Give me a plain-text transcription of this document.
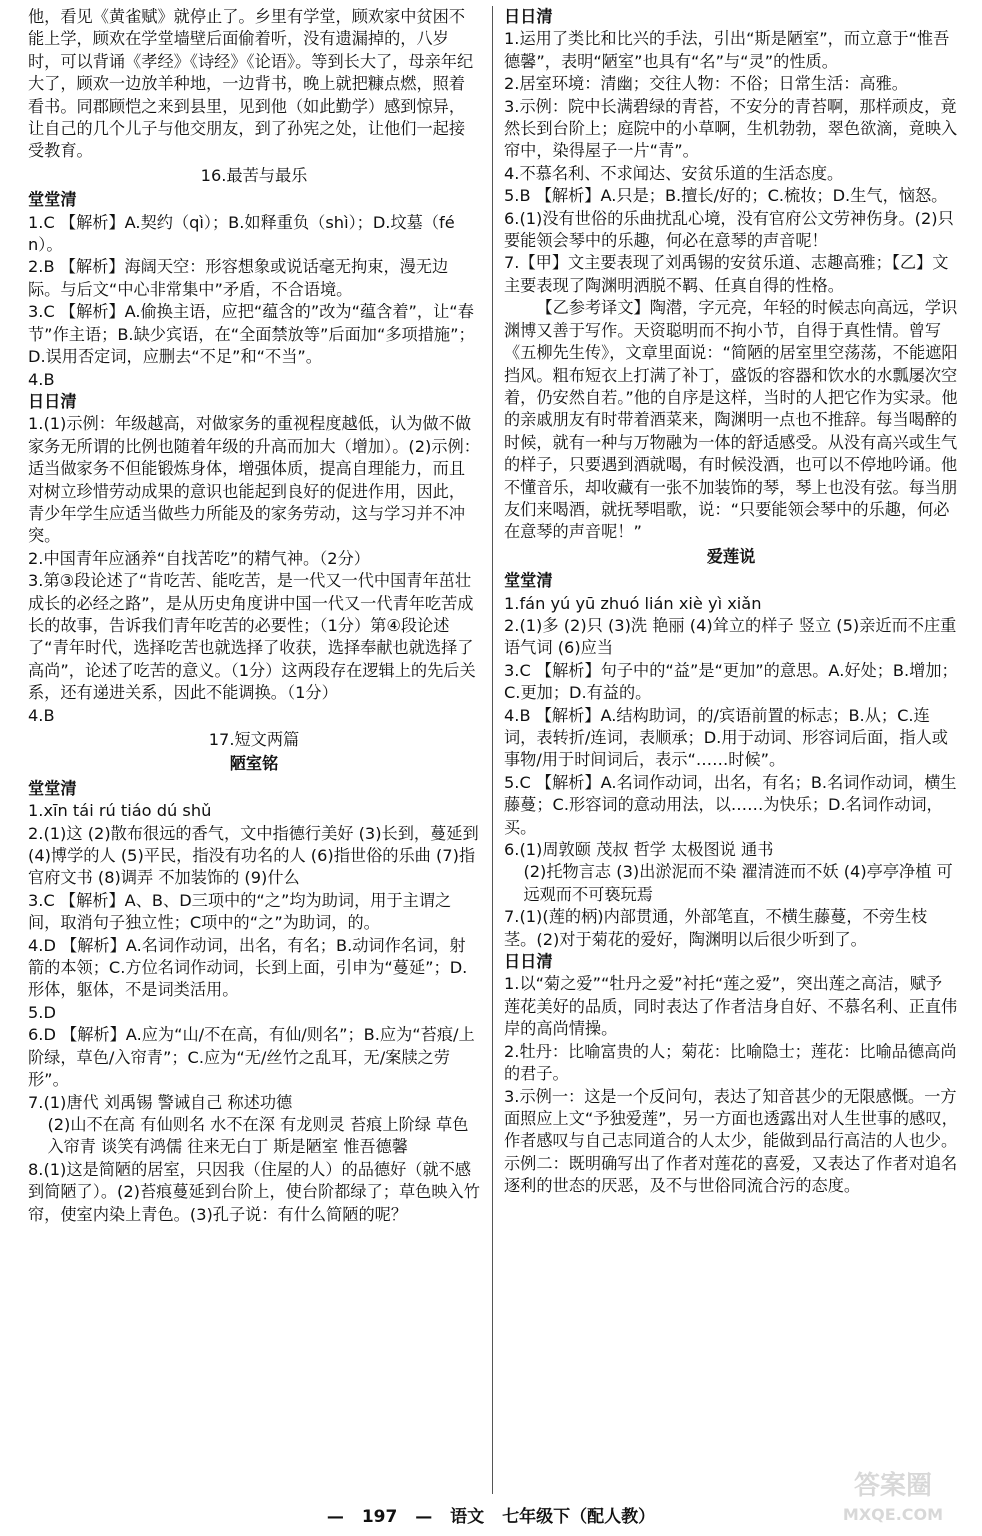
他，看见《黄雀赋》就停止了。乡里有学堂，顾欢家中贫困不能上学，顾欢在学堂墙壁后面偷着听，没有遗漏掉的，八岁时，可以背诵《孝经》《诗经》《论语》。等到长大了，母亲年纪大了，顾欢一边放羊种地，一边背书，晚上就把糠点燃，照着看书。同郡顾恺之来到县里，见到他（如此勤学）感到惊异，让自己的几个儿子与他交朋友，到了孙宪之处，让他们一起接受教育。

16.最苦与最乐

堂堂清

1.C 【解析】A.契约（qì）；B.如释重负（shì）；D.坟墓（fén）。

2.B 【解析】海阔天空：形容想象或说话毫无拘束，漫无边际。与后文“中心非常集中”矛盾，不合语境。

3.C 【解析】A.偷换主语，应把“蕴含的”改为“蕴含着”，让“春节”作主语；B.缺少宾语，在“全面禁放等”后面加“多项措施”；D.误用否定词，应删去“不足”和“不当”。

4.B

日日清

1.(1)示例：年级越高，对做家务的重视程度越低，认为做不做家务无所谓的比例也随着年级的升高而加大（增加）。(2)示例：适当做家务不但能锻炼身体，增强体质，提高自理能力，而且对树立珍惜劳动成果的意识也能起到良好的促进作用，因此，青少年学生应适当做些力所能及的家务劳动，这与学习并不冲突。

2.中国青年应涵养“自找苦吃”的精气神。（2分）

3.第③段论述了“肯吃苦、能吃苦，是一代又一代中国青年茁壮成长的必经之路”，是从历史角度讲中国一代又一代青年吃苦成长的故事，告诉我们青年吃苦的必要性；（1分）第④段论述了“青年时代，选择吃苦也就选择了收获，选择奉献也就选择了高尚”，论述了吃苦的意义。（1分）这两段存在逻辑上的先后关系，还有递进关系，因此不能调换。（1分）

4.B

17.短文两篇

陋室铭

堂堂清

1.xīn tái rú tiáo dú shǔ

2.(1)这 (2)散布很远的香气，文中指德行美好 (3)长到，蔓延到 (4)博学的人 (5)平民，指没有功名的人 (6)指世俗的乐曲 (7)指官府文书 (8)调弄 不加装饰的 (9)什么

3.C 【解析】A、B、D三项中的“之”均为助词，用于主谓之间，取消句子独立性；C项中的“之”为助词，的。

4.D 【解析】A.名词作动词，出名，有名；B.动词作名词，射箭的本领；C.方位名词作动词，长到上面，引申为“蔓延”；D.形体，躯体，不是词类活用。

5.D

6.D 【解析】A.应为“山/不在高，有仙/则名”；B.应为“苔痕/上阶绿，草色/入帘青”；C.应为“无/丝竹之乱耳，无/案牍之劳形”。

7.(1)唐代 刘禹锡 警诫自己 称述功德

(2)山不在高 有仙则名 水不在深 有龙则灵 苔痕上阶绿 草色入帘青 谈笑有鸿儒 往来无白丁 斯是陋室 惟吾德馨

8.(1)这是简陋的居室，只因我（住屋的人）的品德好（就不感到简陋了）。(2)苔痕蔓延到台阶上，使台阶都绿了；草色映入竹帘，使室内染上青色。(3)孔子说：有什么简陋的呢？

日日清

1.运用了类比和比兴的手法，引出“斯是陋室”，而立意于“惟吾德馨”，表明“陋室”也具有“名”与“灵”的性质。

2.居室环境：清幽；交往人物：不俗；日常生活：高雅。

3.示例：院中长满碧绿的青苔，不安分的青苔啊，那样顽皮，竟然长到台阶上；庭院中的小草啊，生机勃勃，翠色欲滴，竟映入帘中，染得屋子一片“青”。

4.不慕名利、不求闻达、安贫乐道的生活态度。

5.B 【解析】A.只是；B.擅长/好的；C.梳妆；D.生气，恼怒。

6.(1)没有世俗的乐曲扰乱心境，没有官府公文劳神伤身。(2)只要能领会琴中的乐趣，何必在意琴的声音呢！

7.【甲】文主要表现了刘禹锡的安贫乐道、志趣高雅；【乙】文主要表现了陶渊明洒脱不羁、任真自得的性格。

【乙参考译文】陶潜，字元亮，年轻的时候志向高远，学识渊博又善于写作。天资聪明而不拘小节，自得于真性情。曾写《五柳先生传》，文章里面说：“简陋的居室里空荡荡，不能遮阳挡风。粗布短衣上打满了补丁，盛饭的容器和饮水的水瓢屡次空着，仍安然自若。”他的自序是这样，当时的人把它作为实录。他的亲戚朋友有时带着酒菜来，陶渊明一点也不推辞。每当喝醉的时候，就有一种与万物融为一体的舒适感受。从没有高兴或生气的样子，只要遇到酒就喝，有时候没酒，也可以不停地吟诵。他不懂音乐，却收藏有一张不加装饰的琴，琴上也没有弦。每当朋友们来喝酒，就抚琴唱歌，说：“只要能领会琴中的乐趣，何必在意琴的声音呢！”

爱莲说

堂堂清

1.fán yú yū zhuó lián xiè yì xiǎn

2.(1)多 (2)只 (3)洗 艳丽 (4)耸立的样子 竖立 (5)亲近而不庄重 语气词 (6)应当

3.C 【解析】句子中的“益”是“更加”的意思。A.好处；B.增加；C.更加；D.有益的。

4.B 【解析】A.结构助词，的/宾语前置的标志；B.从；C.连词，表转折/连词，表顺承；D.用于动词、形容词后面，指人或事物/用于时间词后，表示“……时候”。

5.C 【解析】A.名词作动词，出名，有名；B.名词作动词，横生藤蔓；C.形容词的意动用法，以……为快乐；D.名词作动词，买。

6.(1)周敦颐 茂叔 哲学 太极图说 通书

(2)托物言志 (3)出淤泥而不染 濯清涟而不妖 (4)亭亭净植 可远观而不可亵玩焉

7.(1)(莲的柄)内部贯通，外部笔直，不横生藤蔓，不旁生枝茎。(2)对于菊花的爱好，陶渊明以后很少听到了。

日日清

1.以“菊之爱”“牡丹之爱”衬托“莲之爱”，突出莲之高洁，赋予莲花美好的品质，同时表达了作者洁身自好、不慕名利、正直伟岸的高尚情操。

2.牡丹：比喻富贵的人；菊花：比喻隐士；莲花：比喻品德高尚的君子。

3.示例一：这是一个反问句，表达了知音甚少的无限感慨。一方面照应上文“予独爱莲”，另一方面也透露出对人生世事的感叹，作者感叹与自己志同道合的人太少，能做到品行高洁的人也少。示例二：既明确写出了作者对莲花的喜爱，又表达了作者对追名逐利的世态的厌恶，及不与世俗同流合污的态度。

— 197 — 语文 七年级下（配人教）
答案圈
MXQE.COM
